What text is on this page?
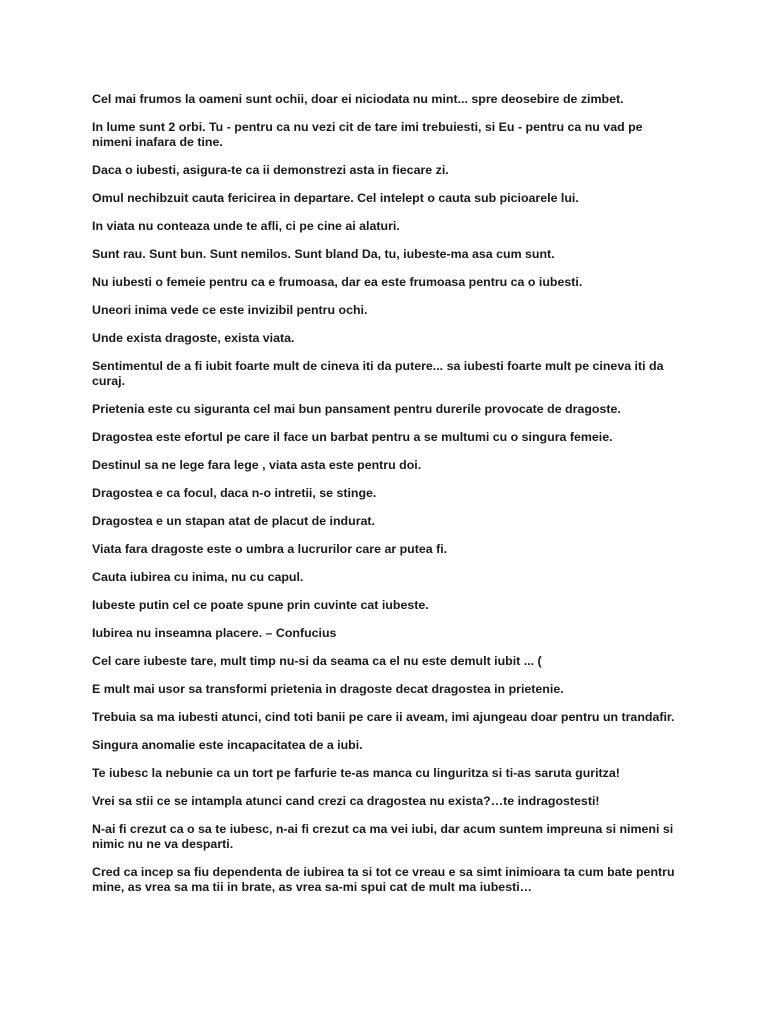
Cel mai frumos la oameni sunt ochii, doar ei niciodata nu mint... spre deosebire de zimbet.

In lume sunt 2 orbi. Tu - pentru ca nu vezi cit de tare imi trebuiesti, si Eu - pentru ca nu vad pe nimeni inafara de tine.

Daca o iubesti, asigura-te ca ii demonstrezi asta in fiecare zi.

Omul nechibzuit cauta fericirea in departare. Cel intelept o cauta sub picioarele lui.

In viata nu conteaza unde te afli, ci pe cine ai alaturi.

Sunt rau. Sunt bun. Sunt nemilos. Sunt bland Da, tu, iubeste-ma asa cum sunt.

Nu iubesti o femeie pentru ca e frumoasa, dar ea este frumoasa pentru ca o iubesti.

Uneori inima vede ce este invizibil pentru ochi.

Unde exista dragoste, exista viata.

Sentimentul de a fi iubit foarte mult de cineva iti da putere... sa iubesti foarte mult pe cineva iti da curaj.

Prietenia este cu siguranta cel mai bun pansament pentru durerile provocate de dragoste.

Dragostea este efortul pe care il face un barbat pentru a se multumi cu o singura femeie.

Destinul sa ne lege fara lege , viata asta este pentru doi.

Dragostea e ca focul, daca n-o intretii, se stinge.

Dragostea e un stapan atat de placut de indurat.

Viata fara dragoste este o umbra a lucrurilor care ar putea fi.

Cauta iubirea cu inima, nu cu capul.

Iubeste putin cel ce poate spune prin cuvinte cat iubeste.

Iubirea nu inseamna placere. – Confucius

Cel care iubeste tare, mult timp nu-si da seama ca el nu este demult iubit ... (

E mult mai usor sa transformi prietenia in dragoste decat dragostea in prietenie.

Trebuia sa ma iubesti atunci, cind toti banii pe care ii aveam, imi ajungeau doar pentru un trandafir.

Singura anomalie este incapacitatea de a iubi.

Te iubesc la nebunie ca un tort pe farfurie te-as manca cu linguritza si ti-as saruta guritza!

Vrei sa stii ce se intampla atunci cand crezi ca dragostea nu exista?…te indragostesti!

N-ai fi crezut ca o sa te iubesc, n-ai fi crezut ca ma vei iubi, dar acum suntem impreuna si nimeni si nimic nu ne va desparti.

Cred ca incep sa fiu dependenta de iubirea ta si tot ce vreau e sa simt inimioara ta cum bate pentru mine, as vrea sa ma tii in brate, as vrea sa-mi spui cat de mult ma iubesti…
